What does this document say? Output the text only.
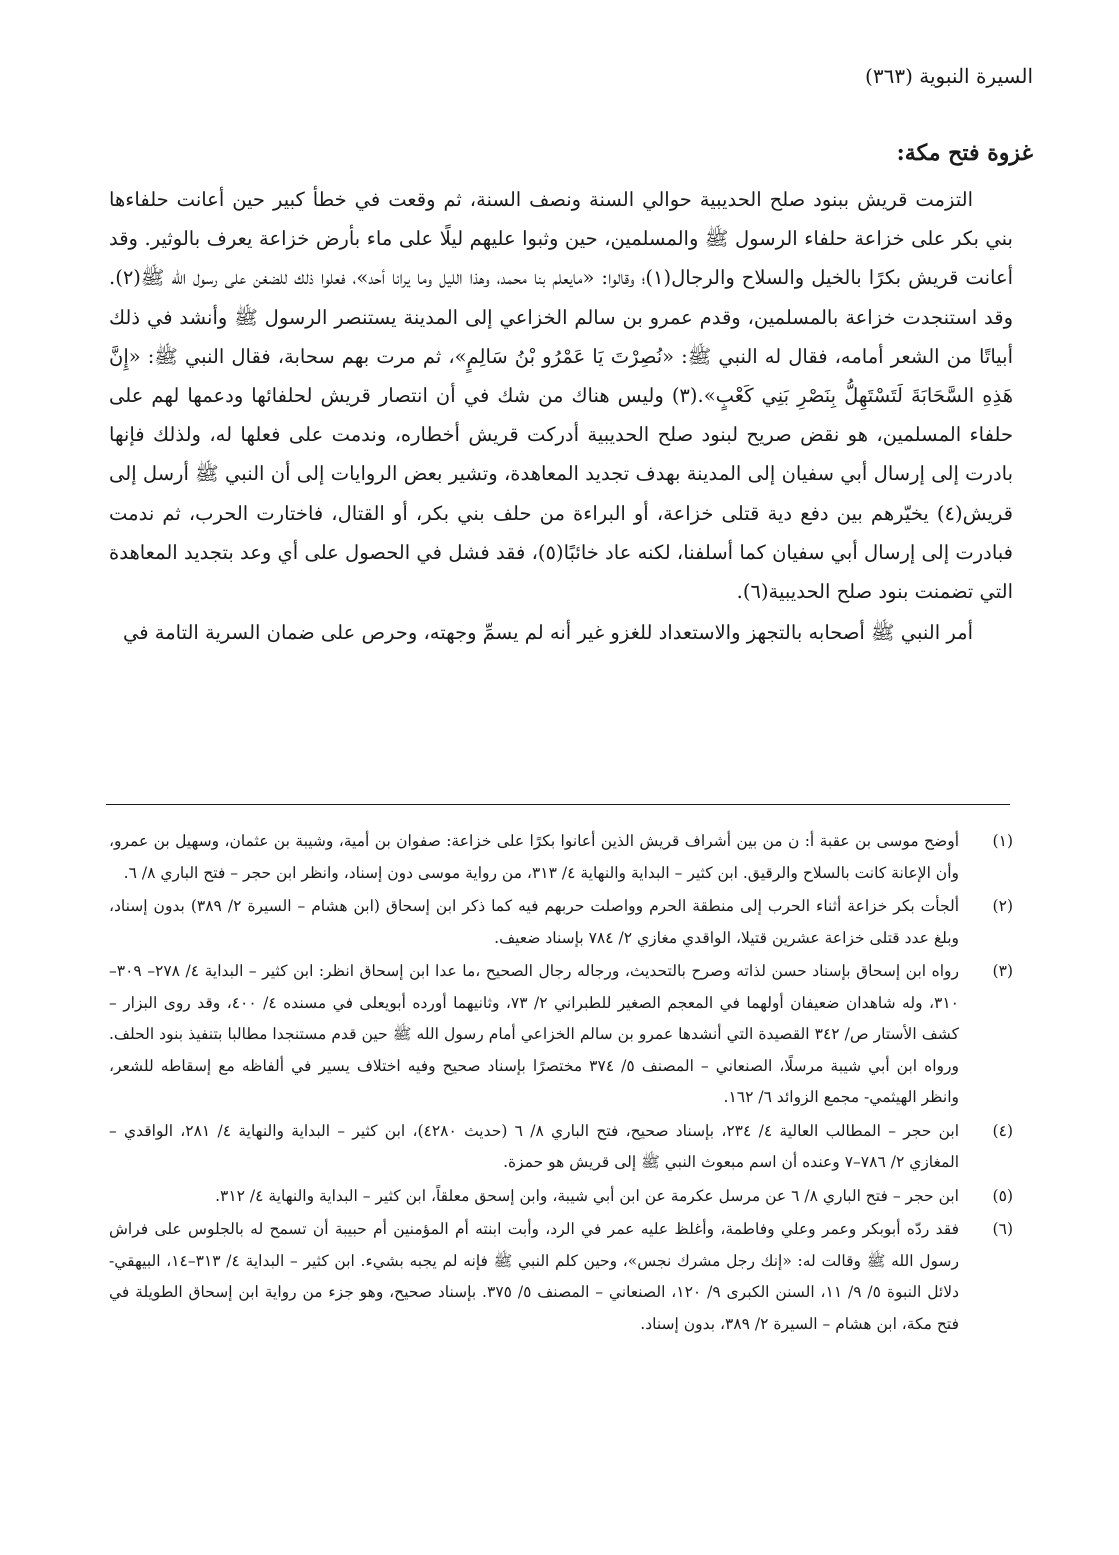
السيرة النبوية (٣٦٣)
غزوة فتح مكة:

التزمت قريش ببنود صلح الحديبية حوالي السنة ونصف السنة، ثم وقعت في خطأ كبير حين أعانت حلفاءها بني بكر على خزاعة حلفاء الرسول ﷺ والمسلمين، حين وثبوا عليهم ليلًا على ماء بأرض خزاعة يعرف بالوثير. وقد أعانت قريش بكرًا بالخيل والسلاح والرجال(١)؛ وقالوا: «مايعلم بنا محمد، وهذا الليل وما يرانا أحد»، فعلوا ذلك للضغن على رسول الله ﷺ(٢). وقد استنجدت خزاعة بالمسلمين، وقدم عمرو بن سالم الخزاعي إلى المدينة يستنصر الرسول ﷺ وأنشد في ذلك أبياتًا من الشعر أمامه، فقال له النبي ﷺ: «نُصِرْتَ يَا عَمْرُو بْنُ سَالِمٍ»، ثم مرت بهم سحابة، فقال النبي ﷺ: «إِنَّ هَذِهِ السَّحَابَةَ لَتَسْتَهِلُّ بِنَصْرِ بَنِي كَعْبٍ».(٣) وليس هناك من شك في أن انتصار قريش لحلفائها ودعمها لهم على حلفاء المسلمين، هو نقض صريح لبنود صلح الحديبية أدركت قريش أخطاره، وندمت على فعلها له، ولذلك فإنها بادرت إلى إرسال أبي سفيان إلى المدينة بهدف تجديد المعاهدة، وتشير بعض الروايات إلى أن النبي ﷺ أرسل إلى قريش(٤) يخيّرهم بين دفع دية قتلى خزاعة، أو البراءة من حلف بني بكر، أو القتال، فاختارت الحرب، ثم ندمت فبادرت إلى إرسال أبي سفيان كما أسلفنا، لكنه عاد خائبًا(٥)، فقد فشل في الحصول على أي وعد بتجديد المعاهدة التي تضمنت بنود صلح الحديبية(٦).

أمر النبي ﷺ أصحابه بالتجهز والاستعداد للغزو غير أنه لم يسمِّ وجهته، وحرص على ضمان السرية التامة في

(١)
أوضح موسى بن عقبة أ: ن من بين أشراف قريش الذين أعانوا بكرًا على خزاعة: صفوان بن أمية، وشيبة بن عثمان، وسهيل بن عمرو، وأن الإعانة كانت بالسلاح والرقيق. ابن كثير – البداية والنهاية ٤/ ٣١٣، من رواية موسى دون إسناد، وانظر ابن حجر – فتح الباري ٨/ ٦.
(٢)
ألجأت بكر خزاعة أثناء الحرب إلى منطقة الحرم وواصلت حربهم فيه كما ذكر ابن إسحاق (ابن هشام – السيرة ٢/ ٣٨٩) بدون إسناد، وبلغ عدد قتلى خزاعة عشرين قتيلا، الواقدي مغازي ٢/ ٧٨٤ بإسناد ضعيف.
(٣)
رواه ابن إسحاق بإسناد حسن لذاته وصرح بالتحديث، ورجاله رجال الصحيح ،ما عدا ابن إسحاق انظر: ابن كثير – البداية ٤/ ٢٧٨– ٣٠٩–٣١٠، وله شاهدان ضعيفان أولهما في المعجم الصغير للطبراني ٢/ ٧٣، وثانيهما أورده أبويعلى في مسنده ٤/ ٤٠٠، وقد روى البزار – كشف الأستار ص/ ٣٤٢ القصيدة التي أنشدها عمرو بن سالم الخزاعي أمام رسول الله ﷺ حين قدم مستنجدا مطالبا بتنفيذ بنود الحلف. ورواه ابن أبي شيبة مرسلًا، الصنعاني – المصنف ٥/ ٣٧٤ مختصرًا بإسناد صحيح وفيه اختلاف يسير في ألفاظه مع إسقاطه للشعر، وانظر الهيثمي- مجمع الزوائد ٦/ ١٦٢.
(٤)
ابن حجر – المطالب العالية ٤/ ٢٣٤، بإسناد صحيح، فتح الباري ٨/ ٦ (حديث ٤٢٨٠)، ابن كثير – البداية والنهاية ٤/ ٢٨١، الواقدي – المغازي ٢/ ٧٨٦–٧ وعنده أن اسم مبعوث النبي ﷺ إلى قريش هو حمزة.
(٥)
ابن حجر – فتح الباري ٨/ ٦ عن مرسل عكرمة عن ابن أبي شيبة، وابن إسحق معلقاً، ابن كثير – البداية والنهاية ٤/ ٣١٢.
(٦)
فقد ردّه أبوبكر وعمر وعلي وفاطمة، وأغلظ عليه عمر في الرد، وأبت ابنته أم المؤمنين أم حبيبة أن تسمح له بالجلوس على فراش رسول الله ﷺ وقالت له: «إنك رجل مشرك نجس»، وحين كلم النبي ﷺ فإنه لم يجبه بشيء. ابن كثير – البداية ٤/ ٣١٣–١٤، البيهقي- دلائل النبوة ٥/ ٩/ ١١، السنن الكبرى ٩/ ١٢٠، الصنعاني – المصنف ٥/ ٣٧٥. بإسناد صحيح، وهو جزء من رواية ابن إسحاق الطويلة في فتح مكة، ابن هشام – السيرة ٢/ ٣٨٩، بدون إسناد.
